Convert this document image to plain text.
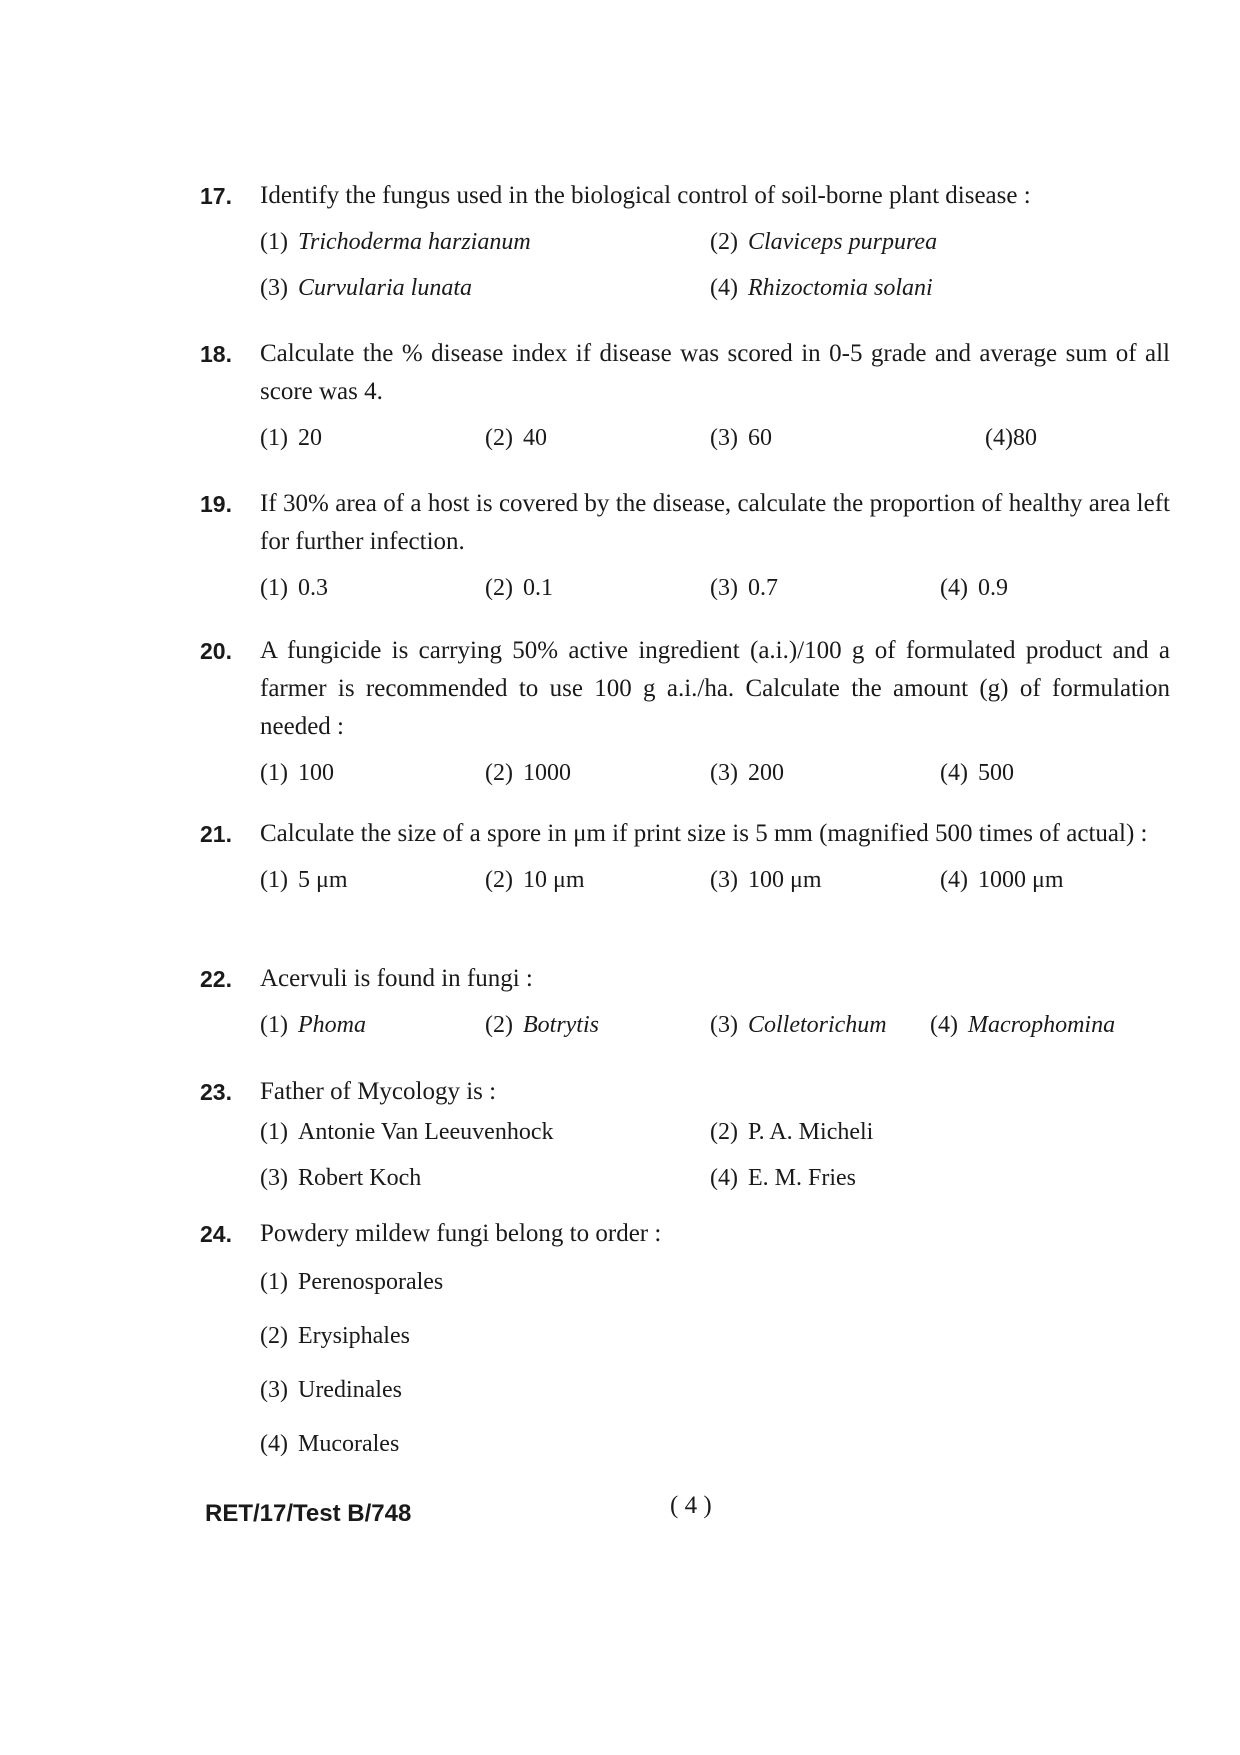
17.	Identify the fungus used in the biological control of soil-borne plant disease :
(1) Trichoderma harzianum	(2) Claviceps purpurea
(3) Curvularia lunata	(4) Rhizoctomia solani
18.	Calculate the % disease index if disease was scored in 0-5 grade and average sum of all score was 4.
(1) 20	(2) 40	(3) 60	(4)80
19.	If 30% area of a host is covered by the disease, calculate the proportion of healthy area left for further infection.
(1) 0.3	(2) 0.1	(3) 0.7	(4) 0.9
20.	A fungicide is carrying 50% active ingredient (a.i.)/100 g of formulated product and a farmer is recommended to use 100 g a.i./ha. Calculate the amount (g) of formulation needed :
(1) 100	(2) 1000	(3) 200	(4) 500
21.	Calculate the size of a spore in μm if print size is 5 mm (magnified 500 times of actual) :
(1) 5 μm	(2) 10 μm	(3) 100 μm	(4) 1000 μm
22.	Acervuli is found in fungi :
(1) Phoma	(2) Botrytis	(3) Colletorichum (4) Macrophomina
23.	Father of Mycology is :
(1) Antonie Van Leeuvenhock	(2) P. A. Micheli
(3) Robert Koch	(4) E. M. Fries
24.	Powdery mildew fungi belong to order :
(1) Perenosporales
(2) Erysiphales
(3) Uredinales
(4) Mucorales
RET/17/Test B/748	( 4 )
